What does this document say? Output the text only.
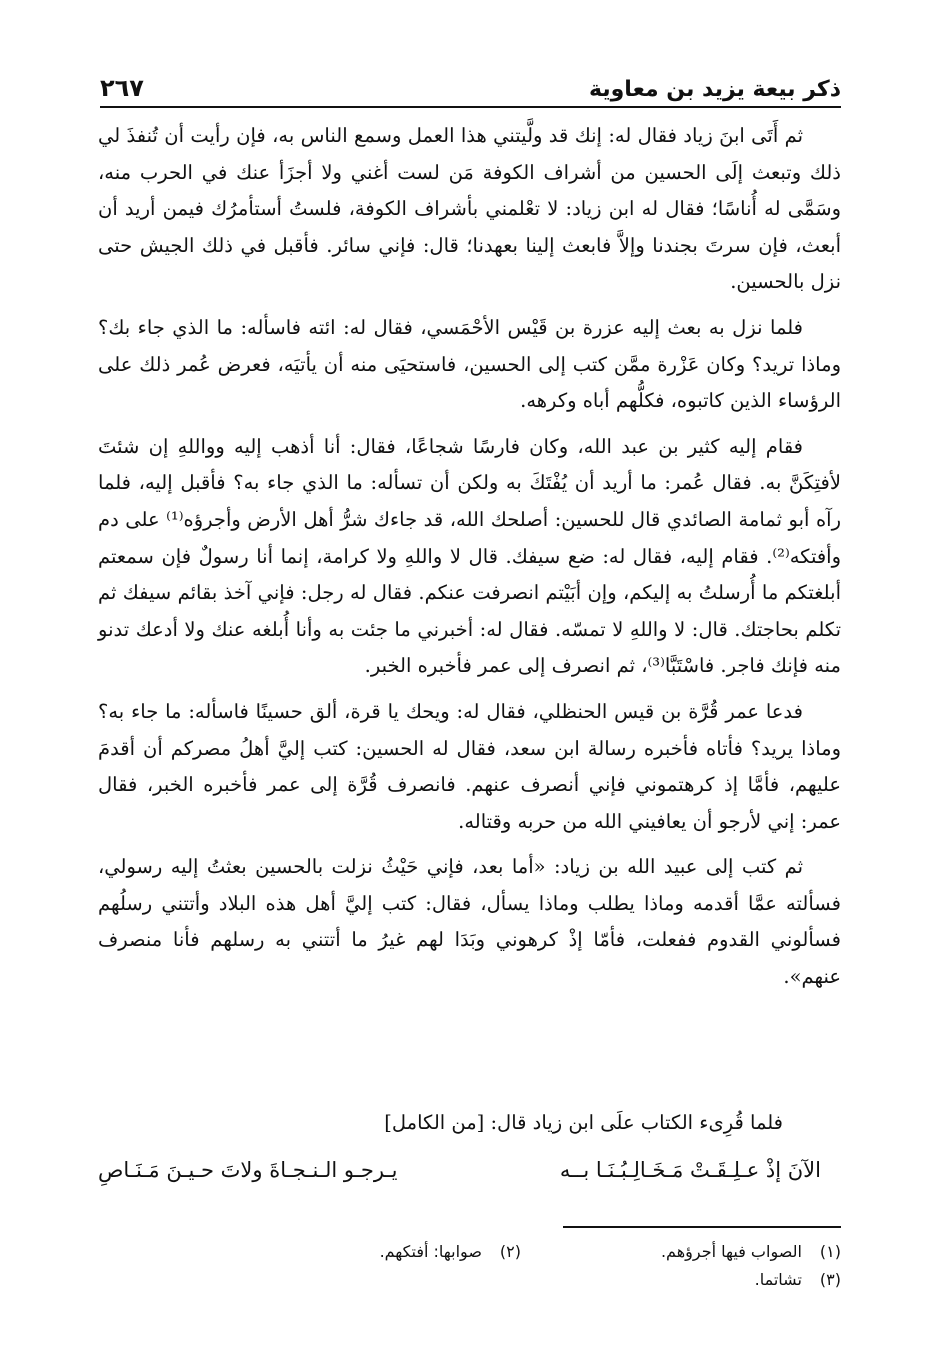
ذكر بيعة يزيد بن معاوية
٢٦٧

ثم أَتَى ابنَ زياد فقال له: إنك قد ولَّيتني هذا العمل وسمع الناس به، فإن رأيت أن تُنفذَ لي ذلك وتبعث إلَى الحسين من أشراف الكوفة مَن لست أغني ولا أجزَأ عنك في الحرب منه، وسَمَّى له أُناسًا؛ فقال له ابن زياد: لا تعْلمني بأشراف الكوفة، فلستُ أستأمرُك فيمن أريد أن أبعث، فإن سرتَ بجندنا وإلاَّ فابعث إلينا بعهدنا؛ قال: فإني سائر. فأقبل في ذلك الجيش حتى نزل بالحسين.

فلما نزل به بعث إليه عزرة بن قَيْس الأحْمَسي، فقال له: ائته فاسأله: ما الذي جاء بك؟ وماذا تريد؟ وكان عَزْرة ممَّن كتب إلى الحسين، فاستحيَى منه أن يأتيَه، فعرض عُمر ذلك على الرؤساء الذين كاتبوه، فكلُّهم أباه وكرهه.

فقام إليه كثير بن عبد الله، وكان فارسًا شجاعًا، فقال: أنا أذهب إليه وواللهِ إن شئتَ لأفتِكَنَّ به. فقال عُمر: ما أريد أن يُفْتَكَ به ولكن أن تسأله: ما الذي جاء به؟ فأقبل إليه، فلما رآه أبو ثمامة الصائدي قال للحسين: أصلحك الله، قد جاءك شرُّ أهل الأرض وأجرؤه⁽¹⁾ على دم وأفتكه⁽²⁾. فقام إليه، فقال له: ضع سيفك. قال لا واللهِ ولا كرامة، إنما أنا رسولٌ فإن سمعتم أبلغتكم ما أُرسلتُ به إليكم، وإن أبَيْتم انصرفت عنكم. فقال له رجل: فإني آخذ بقائم سيفك ثم تكلم بحاجتك. قال: لا واللهِ لا تمسّه. فقال له: أخبرني ما جئت به وأنا أُبلغه عنك ولا أدعك تدنو منه فإنك فاجر. فاسْتَبَّا⁽³⁾، ثم انصرف إلى عمر فأخبره الخبر.

فدعا عمر قُرَّة بن قيس الحنظلي، فقال له: ويحك يا قرة، ألق حسينًا فاسأله: ما جاء به؟ وماذا يريد؟ فأتاه فأخبره رسالة ابن سعد، فقال له الحسين: كتب إليَّ أهلُ مصركم أن أقدمَ عليهم، فأمَّا إذ كرهتموني فإني أنصرف عنهم. فانصرف قُرَّة إلى عمر فأخبره الخبر، فقال عمر: إني لأرجو أن يعافيني الله من حربه وقتاله.

ثم كتب إلى عبيد الله بن زياد: «أما بعد، فإني حَيْثُ نزلت بالحسين بعثتُ إليه رسولي، فسألته عمَّا أقدمه وماذا يطلب وماذا يسأل، فقال: كتب إليَّ أهل هذه البلاد وأتتني رسلُهم فسألوني القدوم ففعلت، فأمّا إذْ كرهوني وبَدَا لهم غيرُ ما أتتني به رسلهم فأنا منصرف عنهم».

فلما قُرِىء الكتاب علَى ابن زياد قال: [من الكامل]
الآنَ إذْ عـلِـقَـتْ مَـخَـالِـبُـنَـا بــه
يـرجـو الـنـجـاةَ ولاتَ حـيـنَ مَـنَـاصِ
(١)الصواب فيها أجرؤهم.
(٢)صوابها: أفتكهم.
(٣)تشاتما.
